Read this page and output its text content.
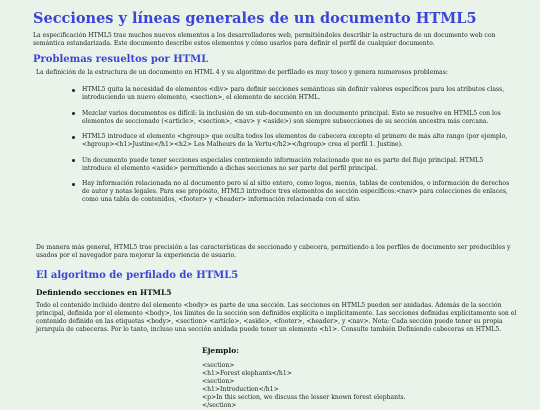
Secciones y líneas generales de un documento HTML5

La especificación HTML5 trae muchos nuevos elementos a los desarrolladores web, permitiéndoles describir la estructura de un documento web con semántica estandarizada. Este documento describe estos elementos y cómo usarlos para definir el perfil de cualquier documento.

Problemas resueltos por HTML

La definición de la estructura de un documento en HTML 4 y su algoritmo de perfilado es muy tosco y genera numerosos problemas:

HTML5 quita la necesidad de elementos <div> para definir secciones semánticas sin definir valores específicos para los atributos class, introduciendo un nuevo elemento, <section>, el elemento de sección HTML.
Mezclar varios documentos es difícil: la inclusión de un sub-documento en un documento principal. Esto se resuelve en HTML5 con los elementos de seccionado (<article>, <section>, <nav> y <aside>) son siempre subsecciones de su sección ancestra más cercana.
HTML5 introduce el elemento <hgroup> que oculta todos los elementos de cabecera excepto el primero de más alto rango (por ejemplo, <hgroup><h1>Justine</h1><h2> Les Malheurs de la Vertu</h2></hgroup> crea el perfil 1. Justine).
Un documento puede tener secciones especiales conteniendo información relacionado que no es parte del flujo principal. HTML5 introduce el elemento <aside> permitiendo a dichas secciones no ser parte del perfil principal.
Hay información relacionada no al documento pero sí al sitio entero, como logos, menús, tablas de contenidos, o información de derechos de autor y notas legales. Para ese propósito, HTML5 introduce tres elementos de sección específicos:<nav> para colecciones de enlaces, como una tabla de contenidos, <footer> y <header> información relacionada con el sitio.

De manera más general, HTML5 trae precisión a las características de seccionado y cabecera, permitiendo a los perfiles de documento ser predecibles y usados por el navegador para mejorar la experiencia de usuario.

El algoritmo de perfilado de HTML5
Definiendo secciones en HTML5

Todo el contenido incluido dentro del elemento <body> es parte de una sección. Las secciones en HTML5 pueden ser anidadas. Además de la sección principal, definida por el elemento <body>, los límites de la sección son definidos explícita o implícitamente. Las secciones definidas explícitamente son el contenido definido en las etiquetas <body>, <section> <article>, <aside>, <footer>, <header>, y <nav>. Nota: Cada sección puede tener su propia jerarquía de cabeceras. Por lo tanto, incluso una sección anidada puede tener un elemento <h1>. Consulte también Definiendo cabeceras en HTML5.

Ejemplo:

<section>
<h1>Forest elephants</h1>
<section>
<h1>Introduction</h1>
<p>In this section, we discuss the lesser known forest elephants.
</section>
